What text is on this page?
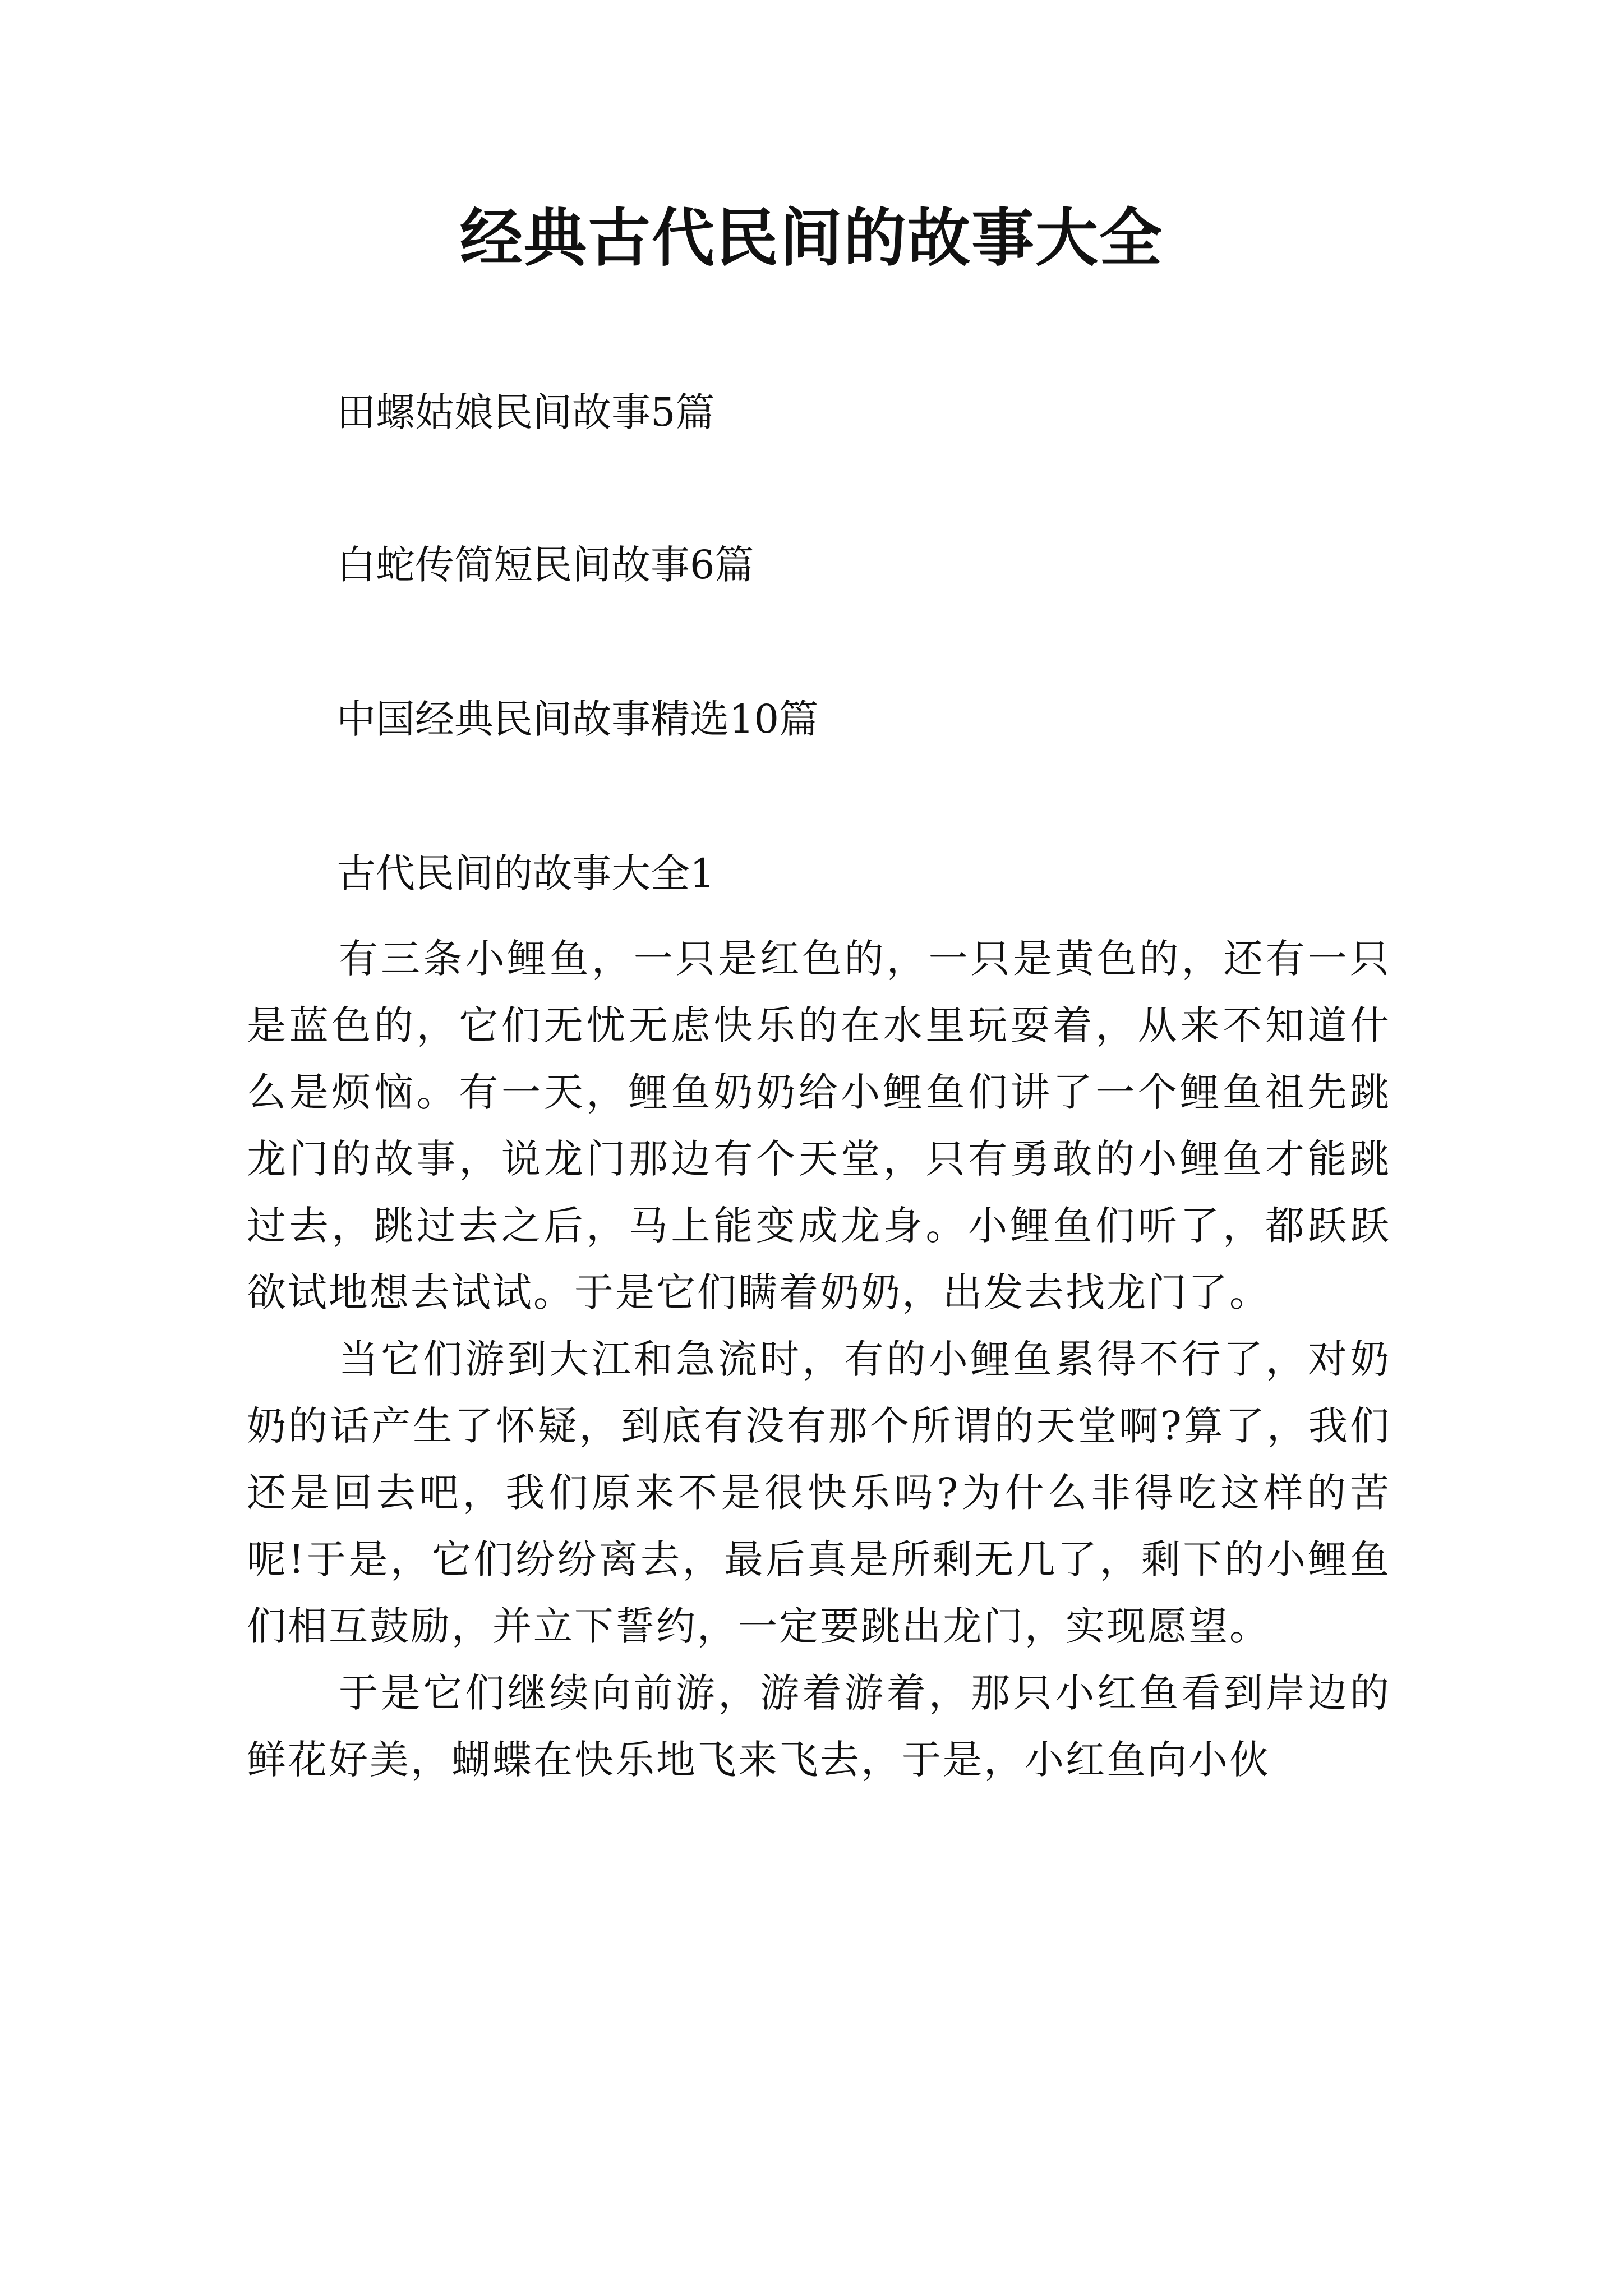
经典古代民间的故事大全

田螺姑娘民间故事5篇

白蛇传简短民间故事6篇

中国经典民间故事精选10篇

古代民间的故事大全1

有三条小鲤鱼，一只是红色的，一只是黄色的，还有一只是蓝色的，它们无忧无虑快乐的在水里玩耍着，从来不知道什么是烦恼。有一天，鲤鱼奶奶给小鲤鱼们讲了一个鲤鱼祖先跳龙门的故事，说龙门那边有个天堂，只有勇敢的小鲤鱼才能跳过去，跳过去之后，马上能变成龙身。小鲤鱼们听了，都跃跃欲试地想去试试。于是它们瞒着奶奶，出发去找龙门了。

当它们游到大江和急流时，有的小鲤鱼累得不行了，对奶奶的话产生了怀疑，到底有没有那个所谓的天堂啊?算了，我们还是回去吧，我们原来不是很快乐吗?为什么非得吃这样的苦呢!于是，它们纷纷离去，最后真是所剩无几了，剩下的小鲤鱼们相互鼓励，并立下誓约，一定要跳出龙门，实现愿望。

于是它们继续向前游，游着游着，那只小红鱼看到岸边的鲜花好美，蝴蝶在快乐地飞来飞去，于是，小红鱼向小伙
